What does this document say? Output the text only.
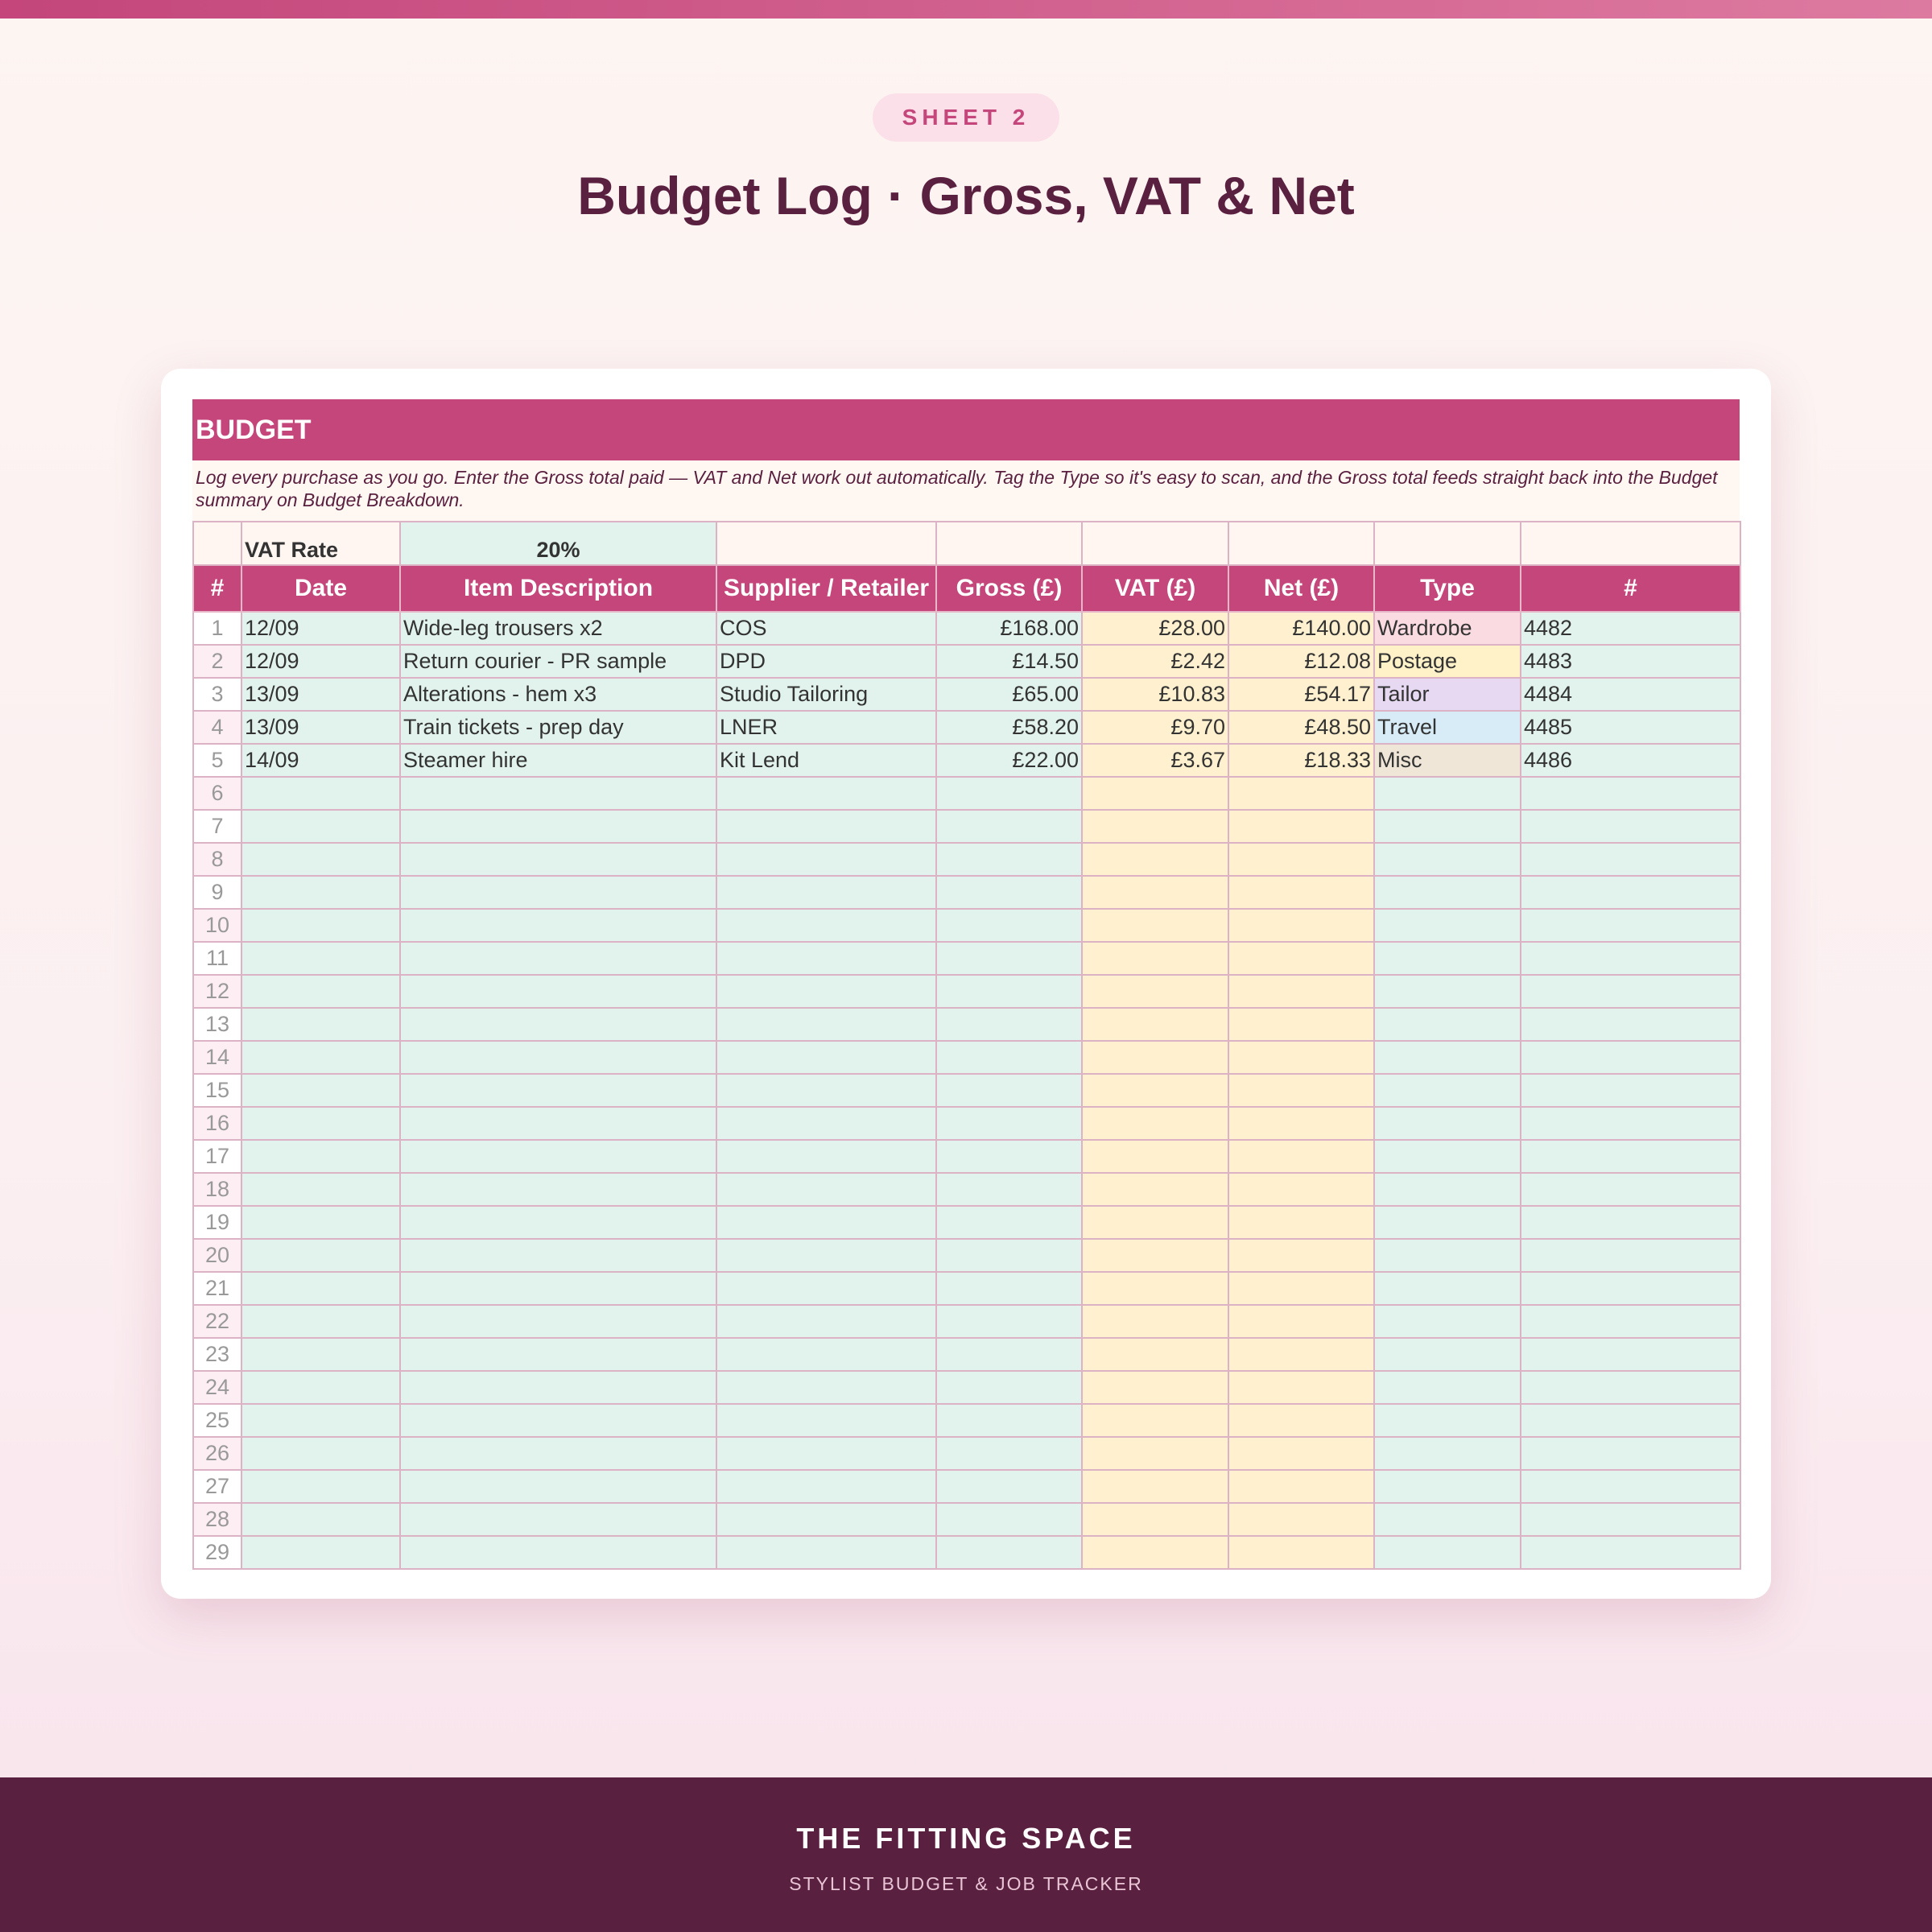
SHEET 2
Budget Log · Gross, VAT & Net
BUDGET
Log every purchase as you go. Enter the Gross total paid — VAT and Net work out automatically. Tag the Type so it's easy to scan, and the Gross total feeds straight back into the Budget summary on Budget Breakdown.
	VAT Rate	20%						
#	Date	Item Description	Supplier / Retailer	Gross (£)	VAT (£)	Net (£)	Type	#
1	12/09	Wide-leg trousers x2	COS	£168.00	£28.00	£140.00	Wardrobe	4482
2	12/09	Return courier - PR sample	DPD	£14.50	£2.42	£12.08	Postage	4483
3	13/09	Alterations - hem x3	Studio Tailoring	£65.00	£10.83	£54.17	Tailor	4484
4	13/09	Train tickets - prep day	LNER	£58.20	£9.70	£48.50	Travel	4485
5	14/09	Steamer hire	Kit Lend	£22.00	£3.67	£18.33	Misc	4486
6								
7								
8								
9								
10								
11								
12								
13								
14								
15								
16								
17								
18								
19								
20								
21								
22								
23								
24								
25								
26								
27								
28								
29								
THE FITTING SPACE
STYLIST BUDGET & JOB TRACKER
